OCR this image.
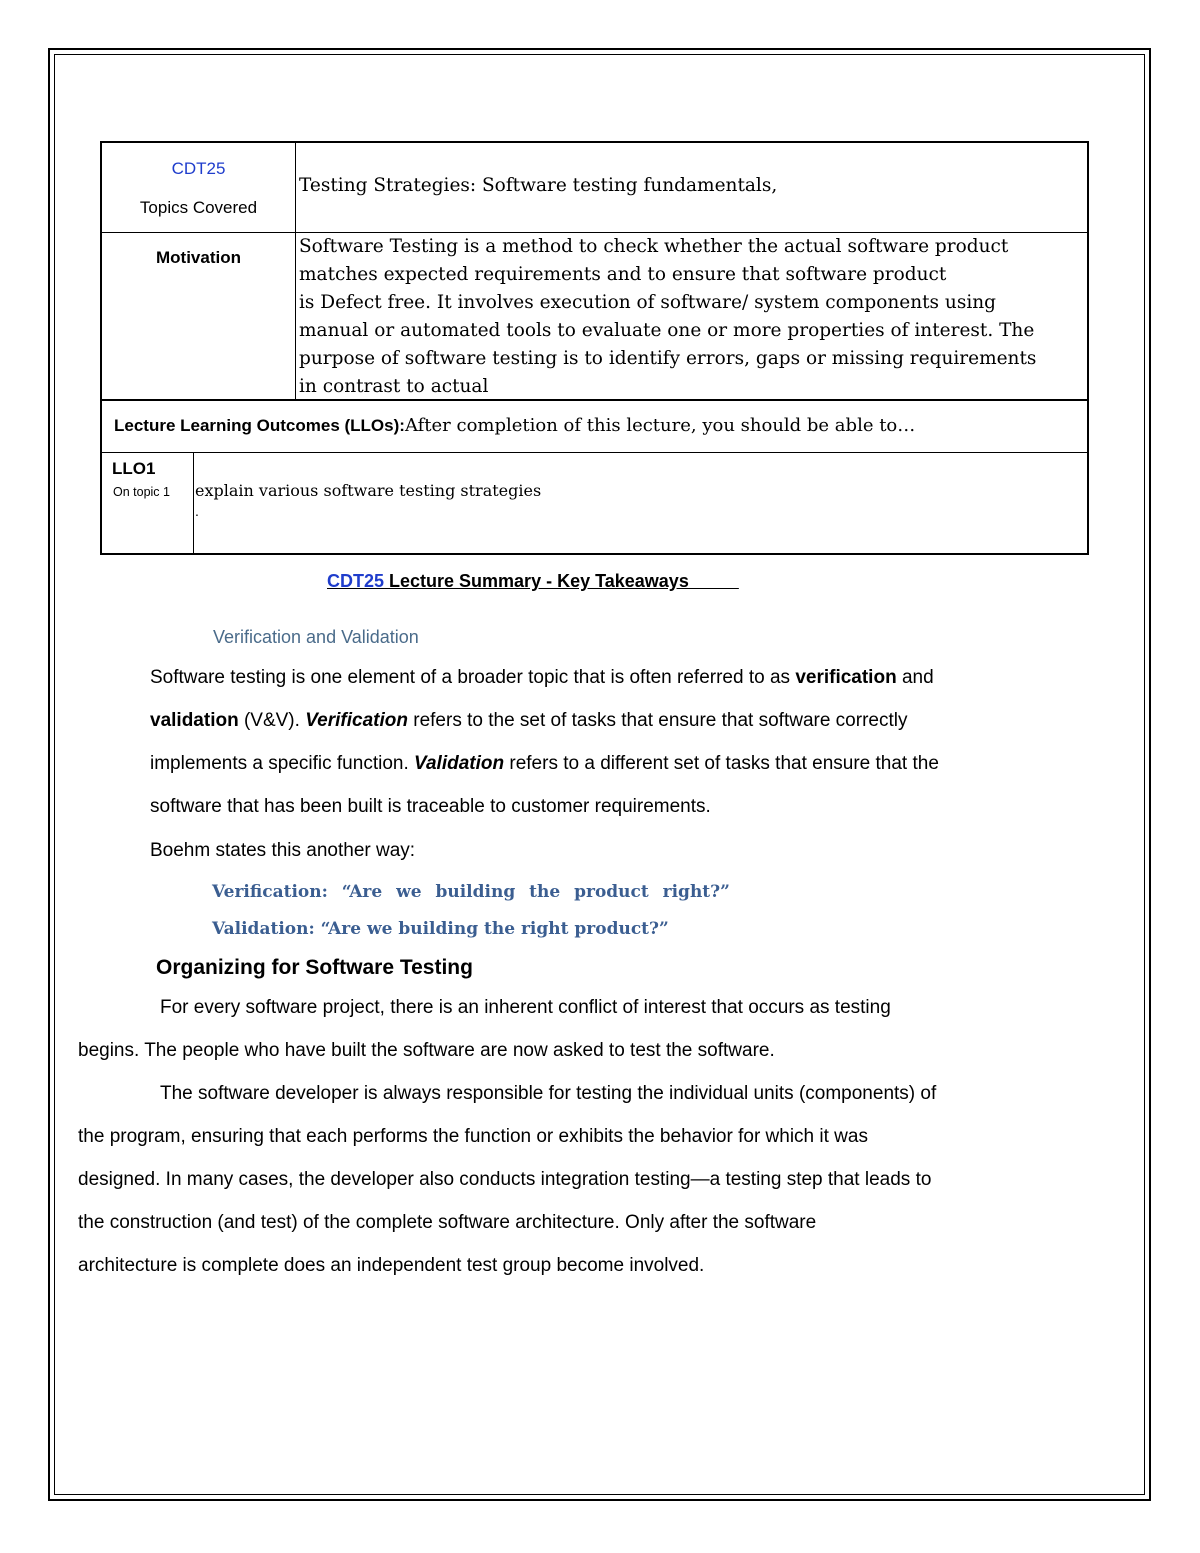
CDT25
Topics Covered
Testing Strategies: Software testing fundamentals,
Motivation
Software Testing is a method to check whether the actual software product
matches expected requirements and to ensure that software product
is Defect free. It involves execution of software/ system components using
manual or automated tools to evaluate one or more properties of interest. The
purpose of software testing is to identify errors, gaps or missing requirements
in contrast to actual
Lecture Learning Outcomes (LLOs):After completion of this lecture, you should be able to…
LLO1
On topic 1	explain various software testing strategies
.
CDT25 Lecture Summary - Key Takeaways
Verification and Validation
Software testing is one element of a broader topic that is often referred to as verification and
validation (V&V). Verification refers to the set of tasks that ensure that software correctly
implements a specific function. Validation refers to a different set of tasks that ensure that the
software that has been built is traceable to customer requirements.
Boehm states this another way:
Verification: “Are we building the product right?”
Validation: “Are we building the right product?”
Organizing for Software Testing
For every software project, there is an inherent conflict of interest that occurs as testing
begins. The people who have built the software are now asked to test the software.
The software developer is always responsible for testing the individual units (components) of
the program, ensuring that each performs the function or exhibits the behavior for which it was
designed. In many cases, the developer also conducts integration testing—a testing step that leads to
the construction (and test) of the complete software architecture. Only after the software
architecture is complete does an independent test group become involved.
